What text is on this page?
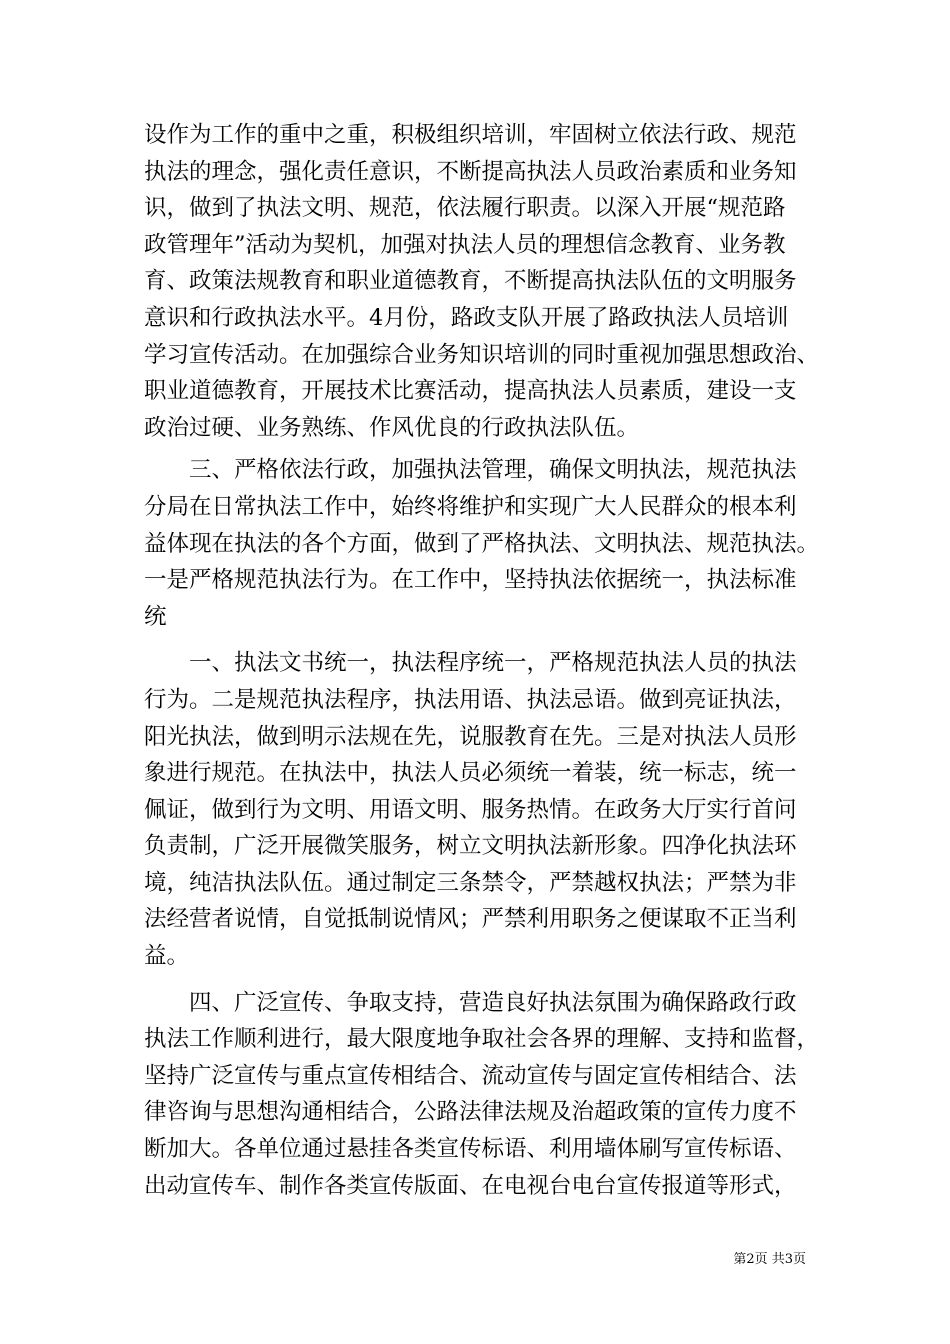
设作为工作的重中之重，积极组织培训，牢固树立依法行政、规范
执法的理念，强化责任意识，不断提高执法人员政治素质和业务知
识，做到了执法文明、规范，依法履行职责。以深入开展“规范路
政管理年”活动为契机，加强对执法人员的理想信念教育、业务教
育、政策法规教育和职业道德教育，不断提高执法队伍的文明服务
意识和行政执法水平。4月份，路政支队开展了路政执法人员培训
学习宣传活动。在加强综合业务知识培训的同时重视加强思想政治、
职业道德教育，开展技术比赛活动，提高执法人员素质，建设一支
政治过硬、业务熟练、作风优良的行政执法队伍。
　　三、严格依法行政，加强执法管理，确保文明执法，规范执法
分局在日常执法工作中，始终将维护和实现广大人民群众的根本利
益体现在执法的各个方面，做到了严格执法、文明执法、规范执法。
一是严格规范执法行为。在工作中，坚持执法依据统一，执法标准
统
　　一、执法文书统一，执法程序统一，严格规范执法人员的执法
行为。二是规范执法程序，执法用语、执法忌语。做到亮证执法，
阳光执法，做到明示法规在先，说服教育在先。三是对执法人员形
象进行规范。在执法中，执法人员必须统一着装，统一标志，统一
佩证，做到行为文明、用语文明、服务热情。在政务大厅实行首问
负责制，广泛开展微笑服务，树立文明执法新形象。四净化执法环
境，纯洁执法队伍。通过制定三条禁令，严禁越权执法；严禁为非
法经营者说情，自觉抵制说情风；严禁利用职务之便谋取不正当利
益。
　　四、广泛宣传、争取支持，营造良好执法氛围为确保路政行政
执法工作顺利进行，最大限度地争取社会各界的理解、支持和监督，
坚持广泛宣传与重点宣传相结合、流动宣传与固定宣传相结合、法
律咨询与思想沟通相结合，公路法律法规及治超政策的宣传力度不
断加大。各单位通过悬挂各类宣传标语、利用墙体刷写宣传标语、
出动宣传车、制作各类宣传版面、在电视台电台宣传报道等形式，
第2页 共3页
